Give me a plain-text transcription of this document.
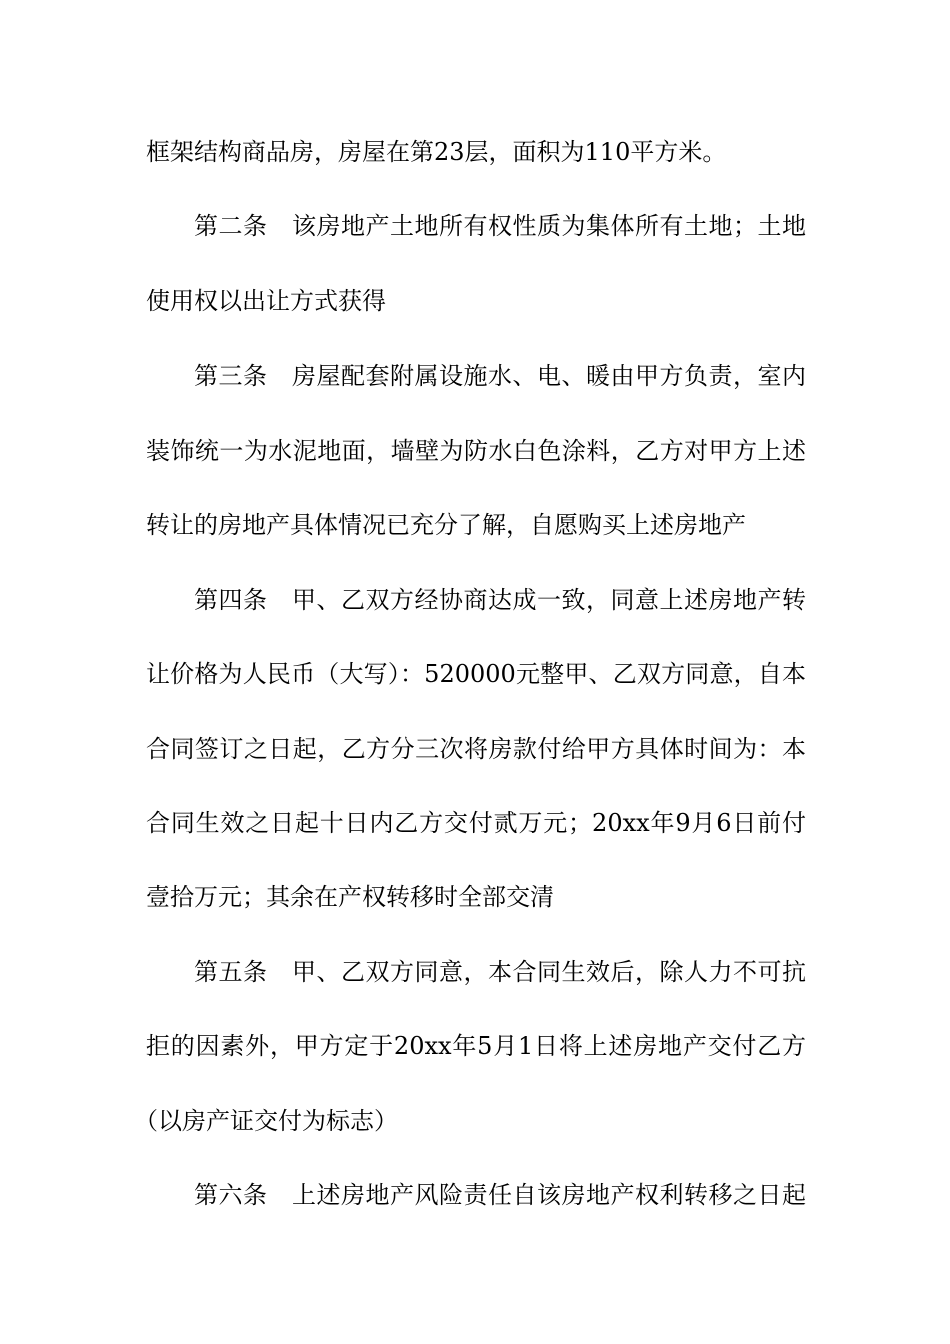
框架结构商品房，房屋在第23层，面积为110平方米。
第二条　该房地产土地所有权性质为集体所有土地；土地
使用权以出让方式获得
第三条　房屋配套附属设施水、电、暖由甲方负责，室内
装饰统一为水泥地面，墙壁为防水白色涂料，乙方对甲方上述
转让的房地产具体情况已充分了解，自愿购买上述房地产
第四条　甲、乙双方经协商达成一致，同意上述房地产转
让价格为人民币（大写）：520000元整甲、乙双方同意，自本
合同签订之日起，乙方分三次将房款付给甲方具体时间为：本
合同生效之日起十日内乙方交付贰万元；20xx年9月6日前付
壹拾万元；其余在产权转移时全部交清
第五条　甲、乙双方同意，本合同生效后，除人力不可抗
拒的因素外，甲方定于20xx年5月1日将上述房地产交付乙方
（以房产证交付为标志）
第六条　上述房地产风险责任自该房地产权利转移之日起
